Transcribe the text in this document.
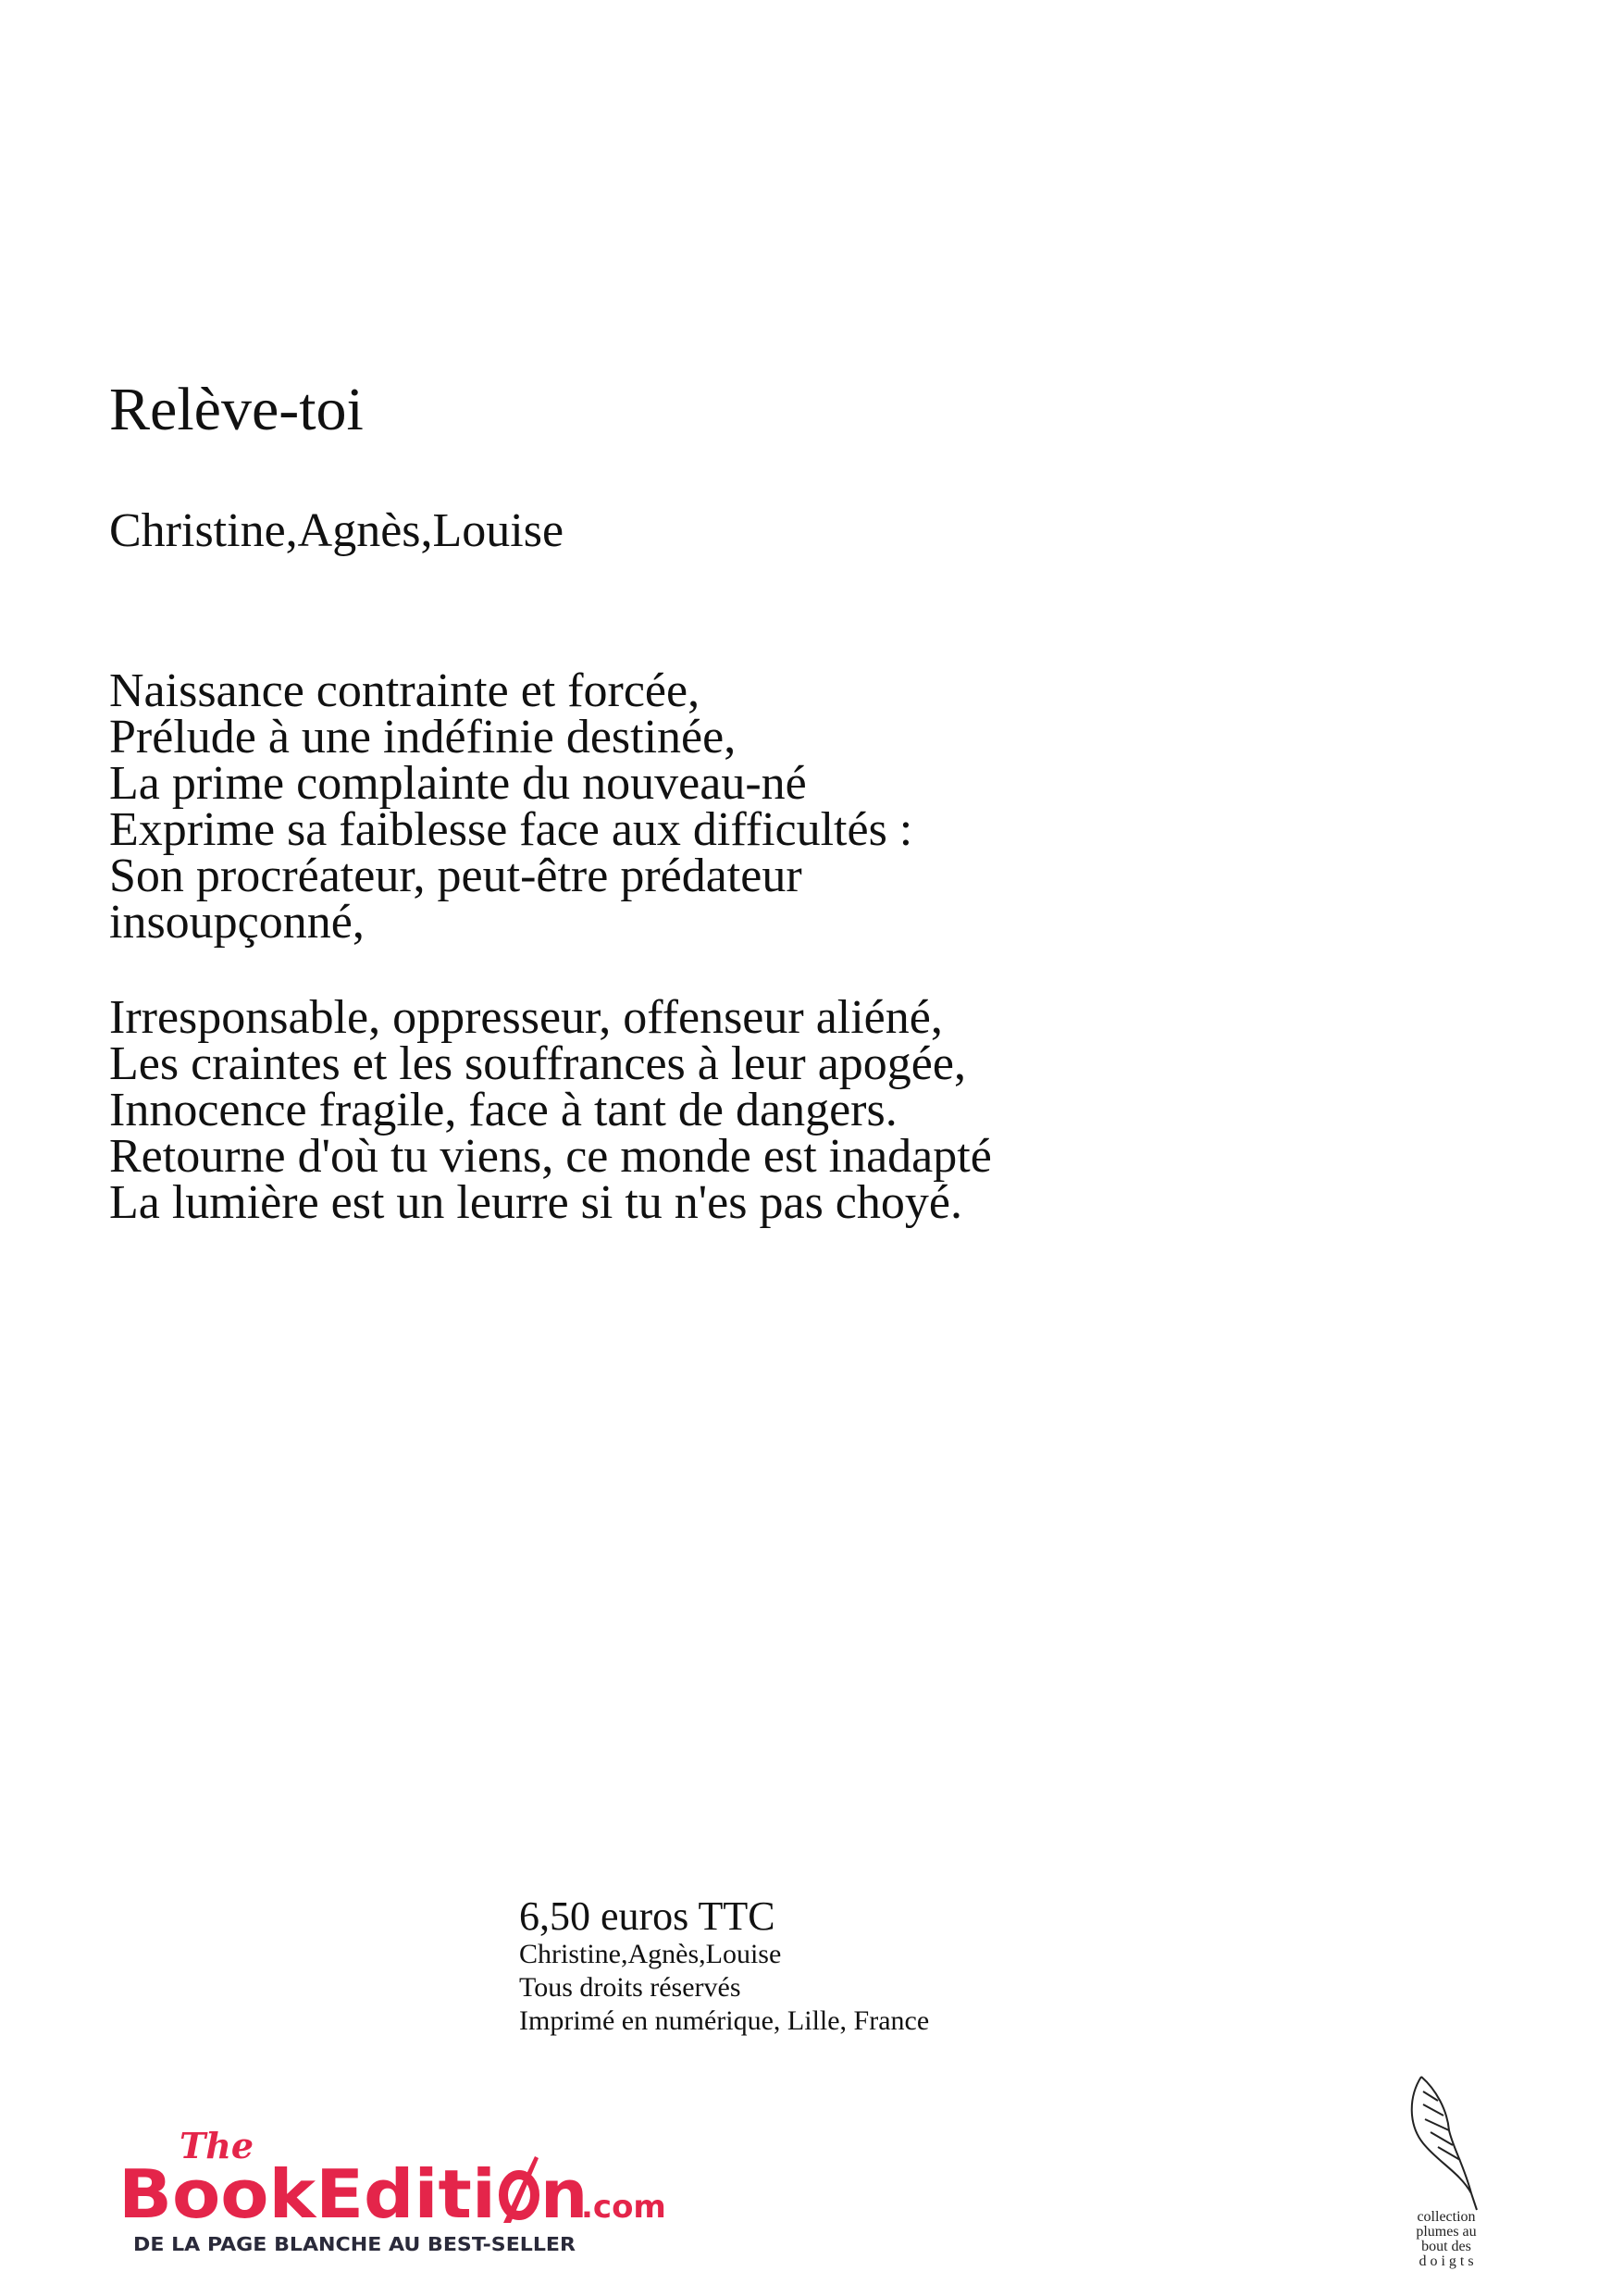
Relève-toi
Christine,Agnès,Louise

Naissance contrainte et forcée,
Prélude à une indéfinie destinée,
La prime complainte du nouveau-né
Exprime sa faiblesse face aux difficultés :
Son procréateur, peut-être prédateur
insoupçonné,

Irresponsable, oppresseur, offenseur aliéné,
Les craintes et les souffrances à leur apogée,
Innocence fragile, face à tant de dangers.
Retourne d'où tu viens, ce monde est inadapté
La lumière est un leurre si tu n'es pas choyé.

6,50 euros TTC
Christine,Agnès,Louise
Tous droits réservés
Imprimé en numérique, Lille, France
The
BookEditi n
.com
DE LA PAGE BLANCHE AU BEST-SELLER
collection
plumes au
bout des
d o i g t s
